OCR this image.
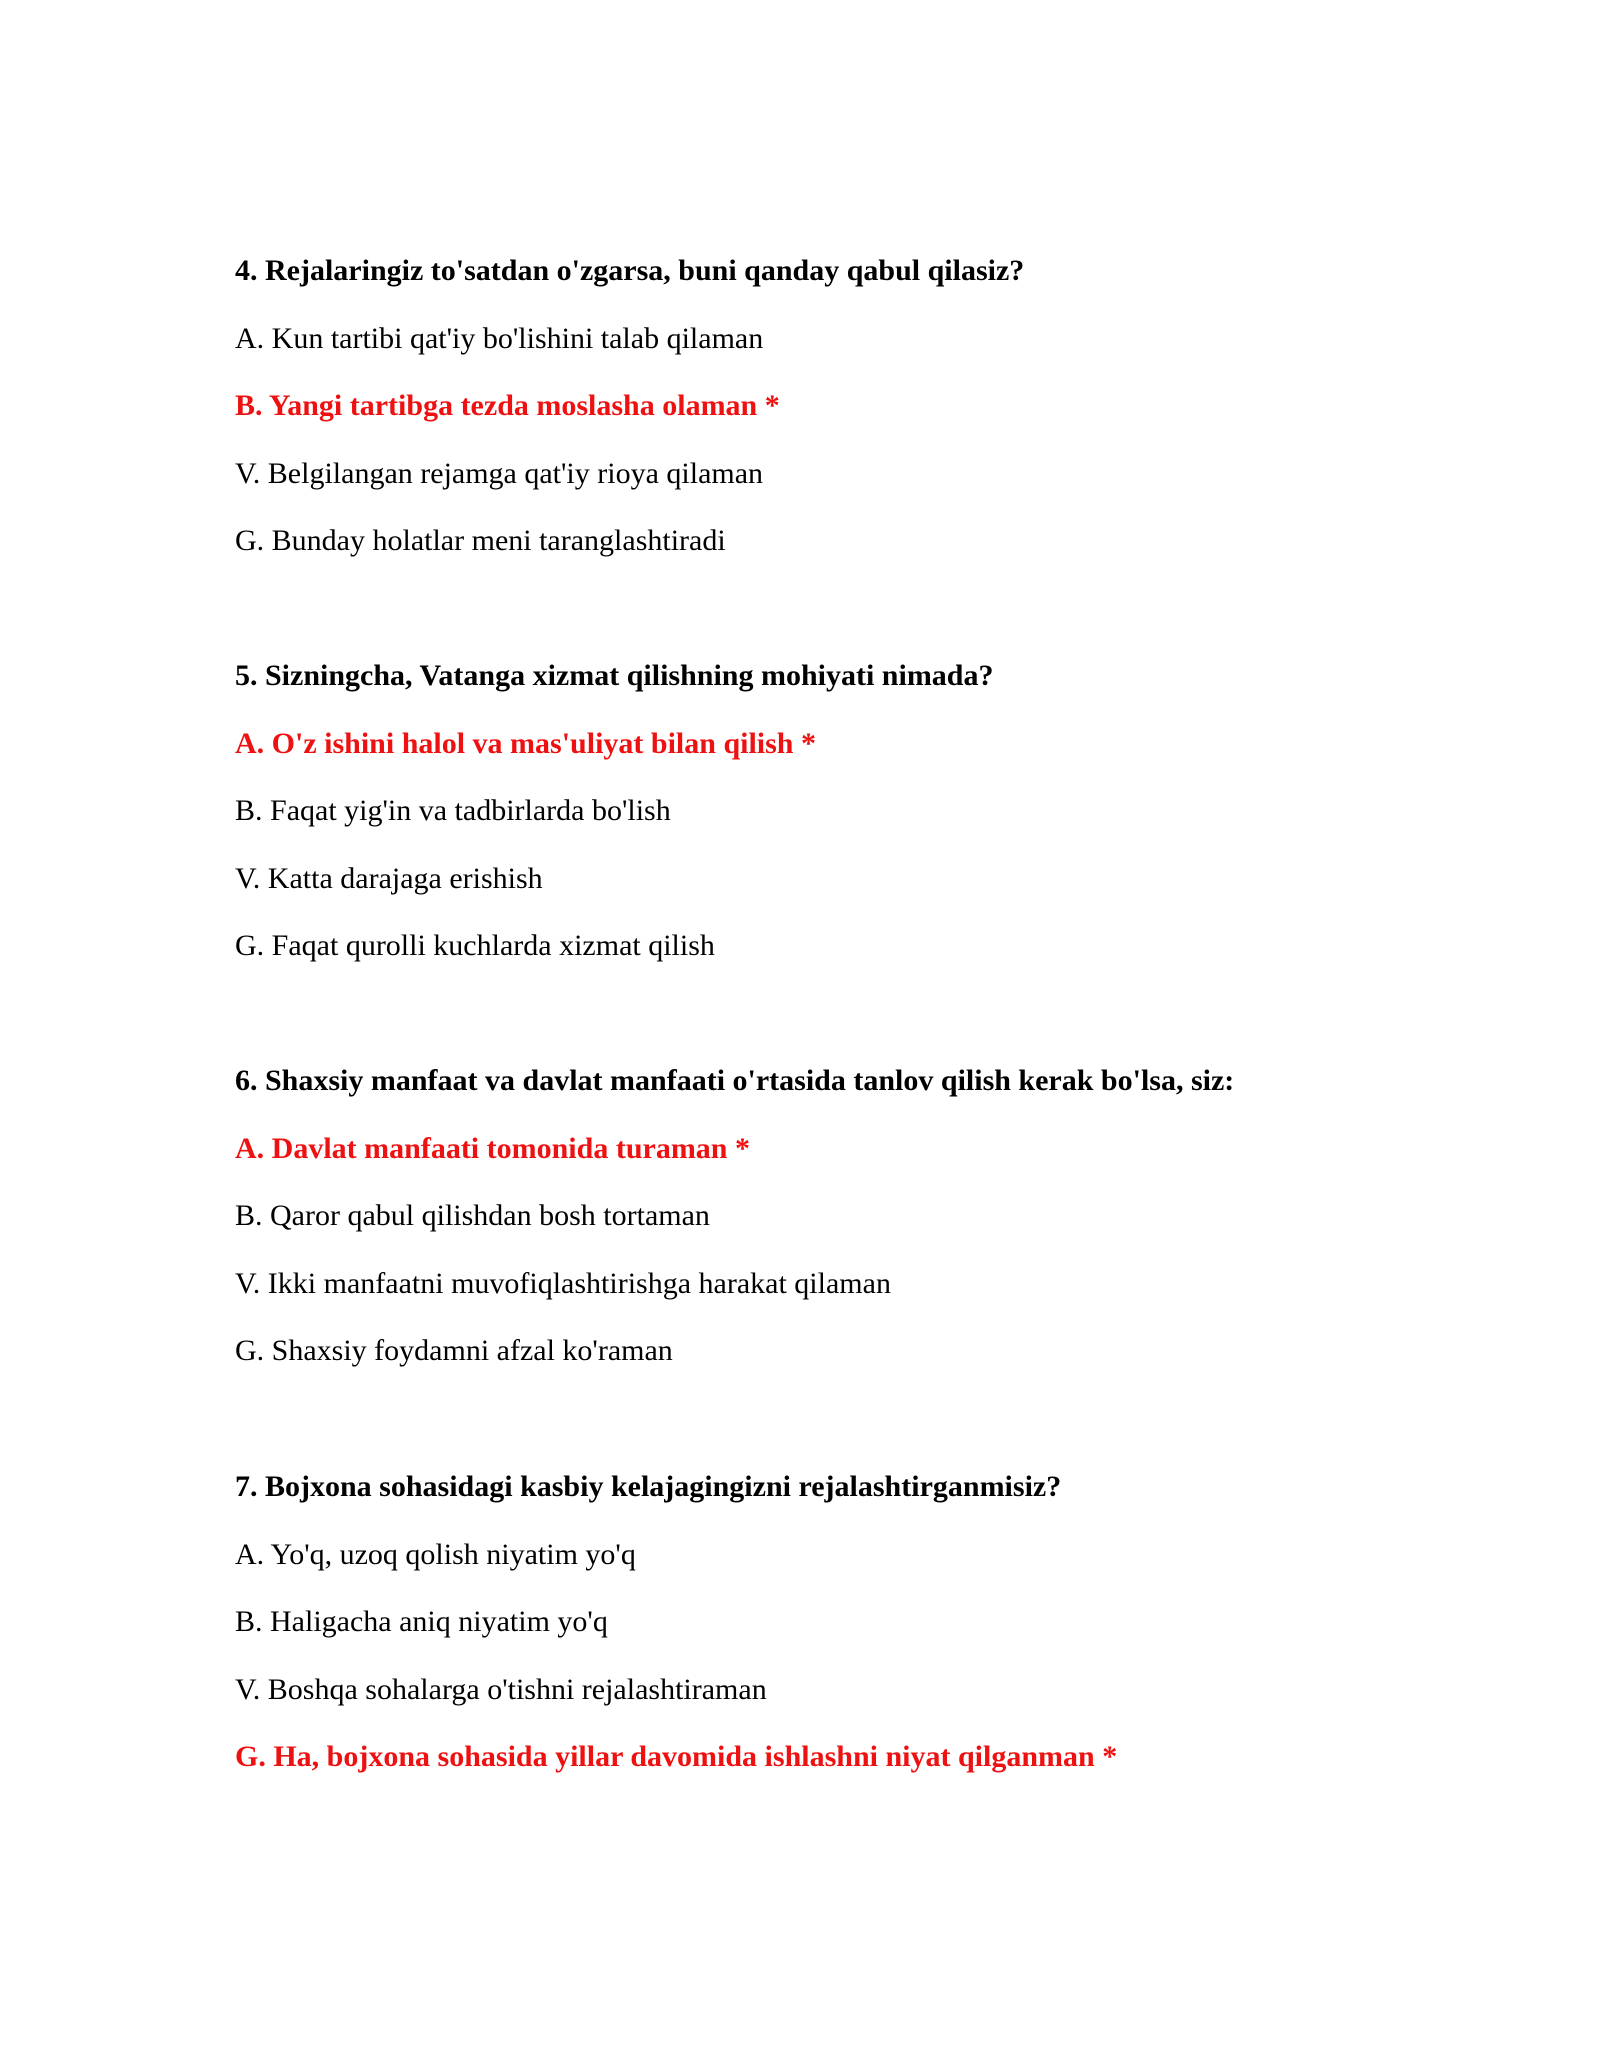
4. Rejalaringiz to'satdan o'zgarsa, buni qanday qabul qilasiz?
A. Kun tartibi qat'iy bo'lishini talab qilaman
B. Yangi tartibga tezda moslasha olaman *
V. Belgilangan rejamga qat'iy rioya qilaman
G. Bunday holatlar meni taranglashtiradi
5. Sizningcha, Vatanga xizmat qilishning mohiyati nimada?
A. O'z ishini halol va mas'uliyat bilan qilish *
B. Faqat yig'in va tadbirlarda bo'lish
V. Katta darajaga erishish
G. Faqat qurolli kuchlarda xizmat qilish
6. Shaxsiy manfaat va davlat manfaati o'rtasida tanlov qilish kerak bo'lsa, siz:
A. Davlat manfaati tomonida turaman *
B. Qaror qabul qilishdan bosh tortaman
V. Ikki manfaatni muvofiqlashtirishga harakat qilaman
G. Shaxsiy foydamni afzal ko'raman
7. Bojxona sohasidagi kasbiy kelajagingizni rejalashtirganmisiz?
A. Yo'q, uzoq qolish niyatim yo'q
B. Haligacha aniq niyatim yo'q
V. Boshqa sohalarga o'tishni rejalashtiraman
G. Ha, bojxona sohasida yillar davomida ishlashni niyat qilganman *
